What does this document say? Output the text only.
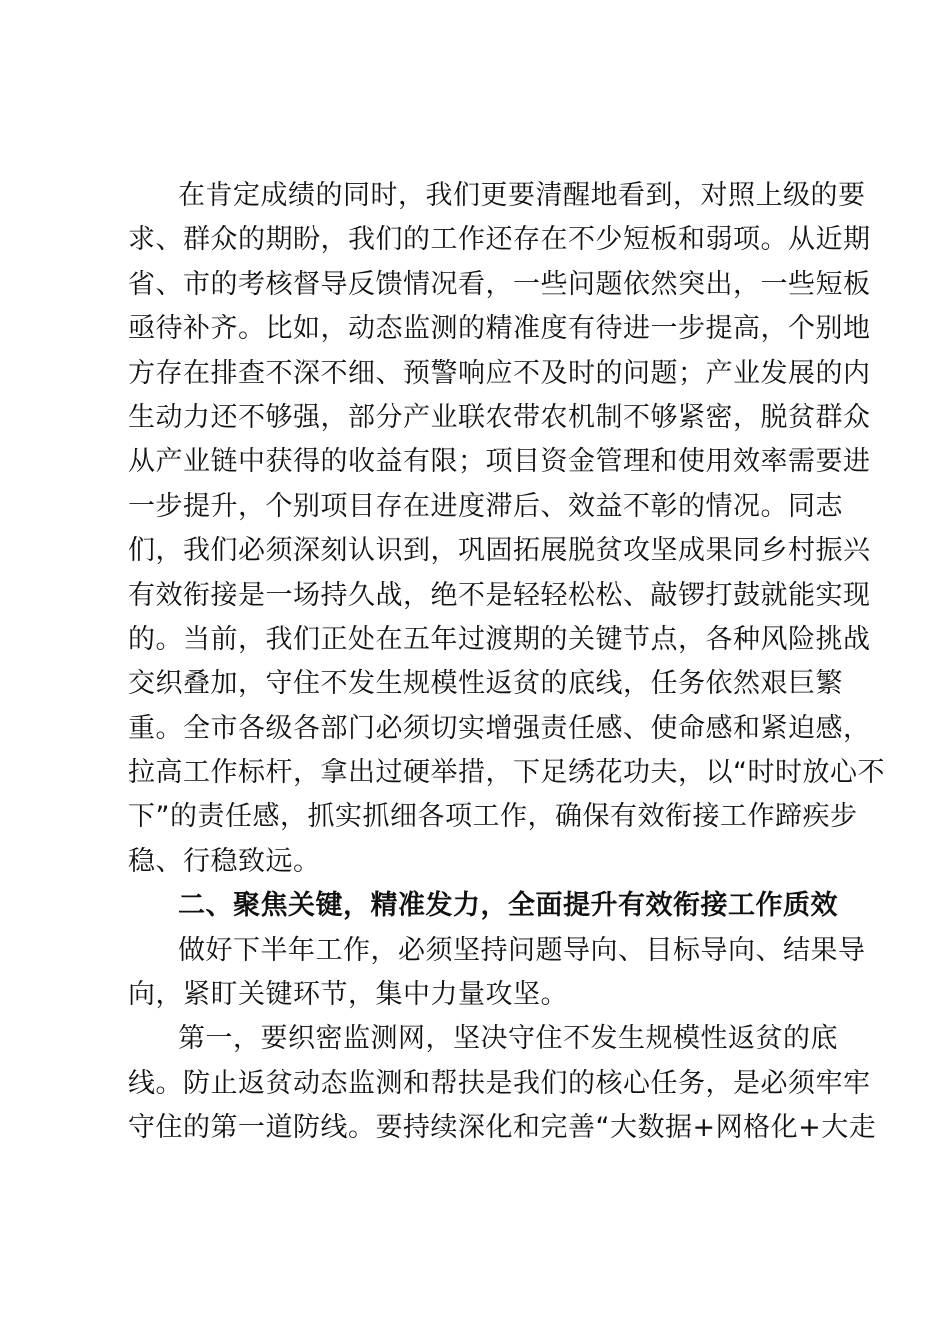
在肯定成绩的同时，我们更要清醒地看到，对照上级的要
求、群众的期盼，我们的工作还存在不少短板和弱项。从近期
省、市的考核督导反馈情况看，一些问题依然突出，一些短板
亟待补齐。比如，动态监测的精准度有待进一步提高，个别地
方存在排查不深不细、预警响应不及时的问题；产业发展的内
生动力还不够强，部分产业联农带农机制不够紧密，脱贫群众
从产业链中获得的收益有限；项目资金管理和使用效率需要进
一步提升，个别项目存在进度滞后、效益不彰的情况。同志
们，我们必须深刻认识到，巩固拓展脱贫攻坚成果同乡村振兴
有效衔接是一场持久战，绝不是轻轻松松、敲锣打鼓就能实现
的。当前，我们正处在五年过渡期的关键节点，各种风险挑战
交织叠加，守住不发生规模性返贫的底线，任务依然艰巨繁
重。全市各级各部门必须切实增强责任感、使命感和紧迫感，
拉高工作标杆，拿出过硬举措，下足绣花功夫，以“时时放心不
下”的责任感，抓实抓细各项工作，确保有效衔接工作蹄疾步
稳、行稳致远。
二、聚焦关键，精准发力，全面提升有效衔接工作质效
做好下半年工作，必须坚持问题导向、目标导向、结果导
向，紧盯关键环节，集中力量攻坚。
第一，要织密监测网，坚决守住不发生规模性返贫的底
线。防止返贫动态监测和帮扶是我们的核心任务，是必须牢牢
守住的第一道防线。要持续深化和完善“大数据+网格化+大走
